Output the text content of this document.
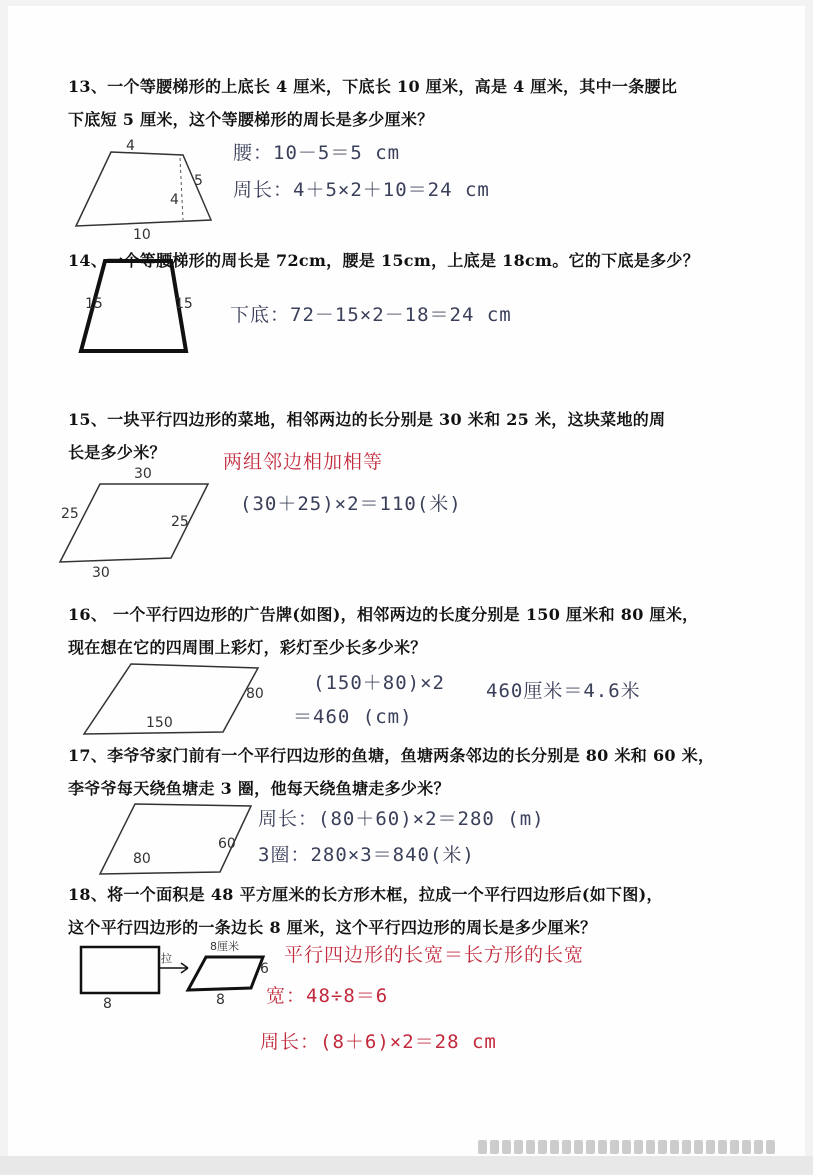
13、一个等腰梯形的上底长 4 厘米，下底长 10 厘米，高是 4 厘米，其中一条腰比
下底短 5 厘米，这个等腰梯形的周长是多少厘米？
4
5
4
10
腰：10－5＝5 cm
周长：4＋5×2＋10＝24 cm
14、一个等腰梯形的周长是 72cm，腰是 15cm，上底是 18cm。它的下底是多少？
15	15 下底：72－15×2－18＝24 cm
15、一块平行四边形的菜地，相邻两边的长分别是 30 米和 25 米，这块菜地的周
长是多少米？
30
25	25
30
两组邻边相加相等
(30＋25)×2＝110(米)
16、 一个平行四边形的广告牌(如图)，相邻两边的长度分别是 150 厘米和 80 厘米，
现在想在它的四周围上彩灯，彩灯至少长多少米？
80
150
(150＋80)×2
＝460 (cm)
460厘米＝4.6米
17、李爷爷家门前有一个平行四边形的鱼塘，鱼塘两条邻边的长分别是 80 米和 60 米，
李爷爷每天绕鱼塘走 3 圈，他每天绕鱼塘走多少米？
60
80
周长：(80＋60)×2＝280 (m)
3圈：280×3＝840(米)
18、将一个面积是 48 平方厘米的长方形木框，拉成一个平行四边形后(如下图)，
这个平行四边形的一条边长 8 厘米，这个平行四边形的周长是多少厘米？
8
拉
8厘米
6
8
平行四边形的长宽＝长方形的长宽
宽：48÷8＝6
周长：(8＋6)×2＝28 cm
